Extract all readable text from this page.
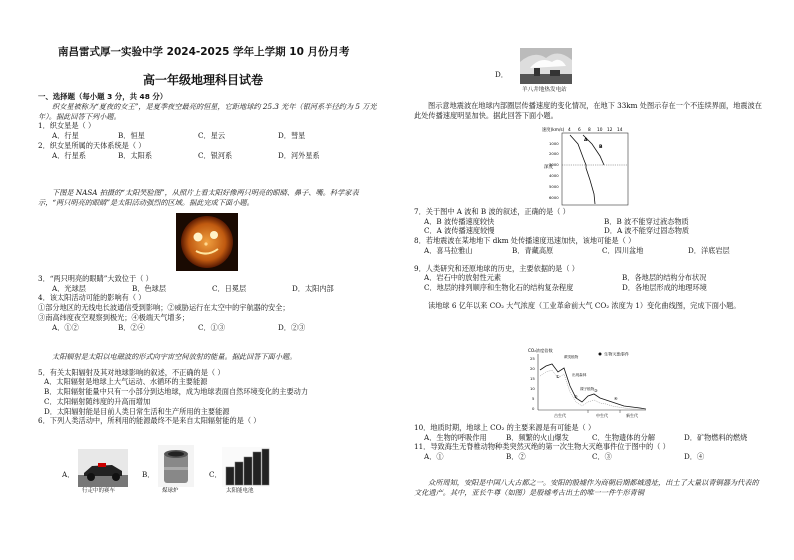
南昌雷式厚一实验中学 2024-2025 学年上学期 10 月份月考
高一年级地理科目试卷
一、选择题（每小题 3 分，共 48 分）
织女星被称为“夏夜的女王”，是夏季夜空最亮的恒星，它距地球约 25.3 光年（银河系半径约为 5 万光年）。据此回答下列小题。
1．织女星是（ ）
A．行星	B．恒星	C．星云	D．彗星
2．织女星所属的天体系统是（ ）
A．行星系	B．太阳系	C．银河系	D．河外星系
下图是 NASA 拍摄的“太阳笑脸图”，从照片上看太阳好像两只明亮的眼睛、鼻子、嘴。科学家表示，“两只明亮的眼睛”是太阳活动强烈的区域。据此完成下面小题。
3．“两只明亮的眼睛”大致位于（ ）
A．光球层	B．色球层	C．日冕层	D．太阳内部
4．该太阳活动可能的影响有（ ）
①部分地区的无线电长波通信受到影响；②威胁运行在太空中的宇航器的安全；
③南高纬度夜空观察到极光；④极端天气增多；
A．①②	B．②④	C．①③	D．②③
太阳辐射是太阳以电磁波的形式向宇宙空间放射的能量。据此回答下面小题。
5．有关太阳辐射及其对地球影响的叙述，不正确的是（ ）
A．太阳辐射是地球上大气运动、水循环的主要能源
B．太阳辐射能量中只有一小部分到达地球，成为地球表面自然环境变化的主要动力
C．太阳辐射随纬度的升高而增加
D．太阳辐射能是目前人类日常生活和生产所用的主要能源
6．下列人类活动中，所利用的能源最终不是来自太阳辐射能的是（ ）
A．
行走中的赛车
B．
煤球炉
C．
太阳能电池
D．
羊八井地热发电站
图示意地震波在地球内部圈层传播速度的变化情况，在地下 33km 处图示存在一个不连续界面，地震波在此处传播速度明显加快。据此回答下面小题。
速度(km/s) 4 6 8 10 12 14
深度
1000
2000
3000
4000
5000
6000
A
B
7．关于图中 A 波和 B 波的叙述，正确的是（ ）
A．B 波传播速度较快	B．B 波不能穿过液态物质
C．A 波传播速度较慢	D．A 波不能穿过固态物质
8．若地震波在某地地下 dkm 处传播速度迅速加快，该地可能是（ ）
A．喜马拉雅山	B．青藏高原	C．四川盆地	D．洋底岩层
9．人类研究和还原地球的历史，主要依据的是（ ）
A．岩石中的放射性元素	B．各地层的结构分布状况
C．地层的排列顺序和生物化石的结构复杂程度	D．各地层形成的地理环境
读地球 6 亿年以来 CO₂ 大气浓度（工业革命前大气 CO₂ 浓度为 1）变化曲线图，完成下面小题。
CO₂浓度倍数
25
20
15
10
5
0
生物灭绝事件
蕨类植物
出现森林
裸子植物
①
②
③
④
古生代	中生代	新生代
10．地质时期，地球上 CO₂ 的主要来源是有可能是（ ）
A．生物的呼吸作用	B．频繁的火山爆发	C．生物遗体的分解	D．矿物燃料的燃烧
11．导致海生无脊椎动物种类突然灭绝的第一次生物大灭绝事件位于图中的（ ）
A．①	B．②	C．③	D．④
众所周知，安阳是中国八大古都之一。安阳的殷墟作为商朝后期都城遗址，出土了大量以青铜器为代表的文化遗产。其中，亚长牛尊（如图）是殷墟考古出土的唯一一件牛形青铜
